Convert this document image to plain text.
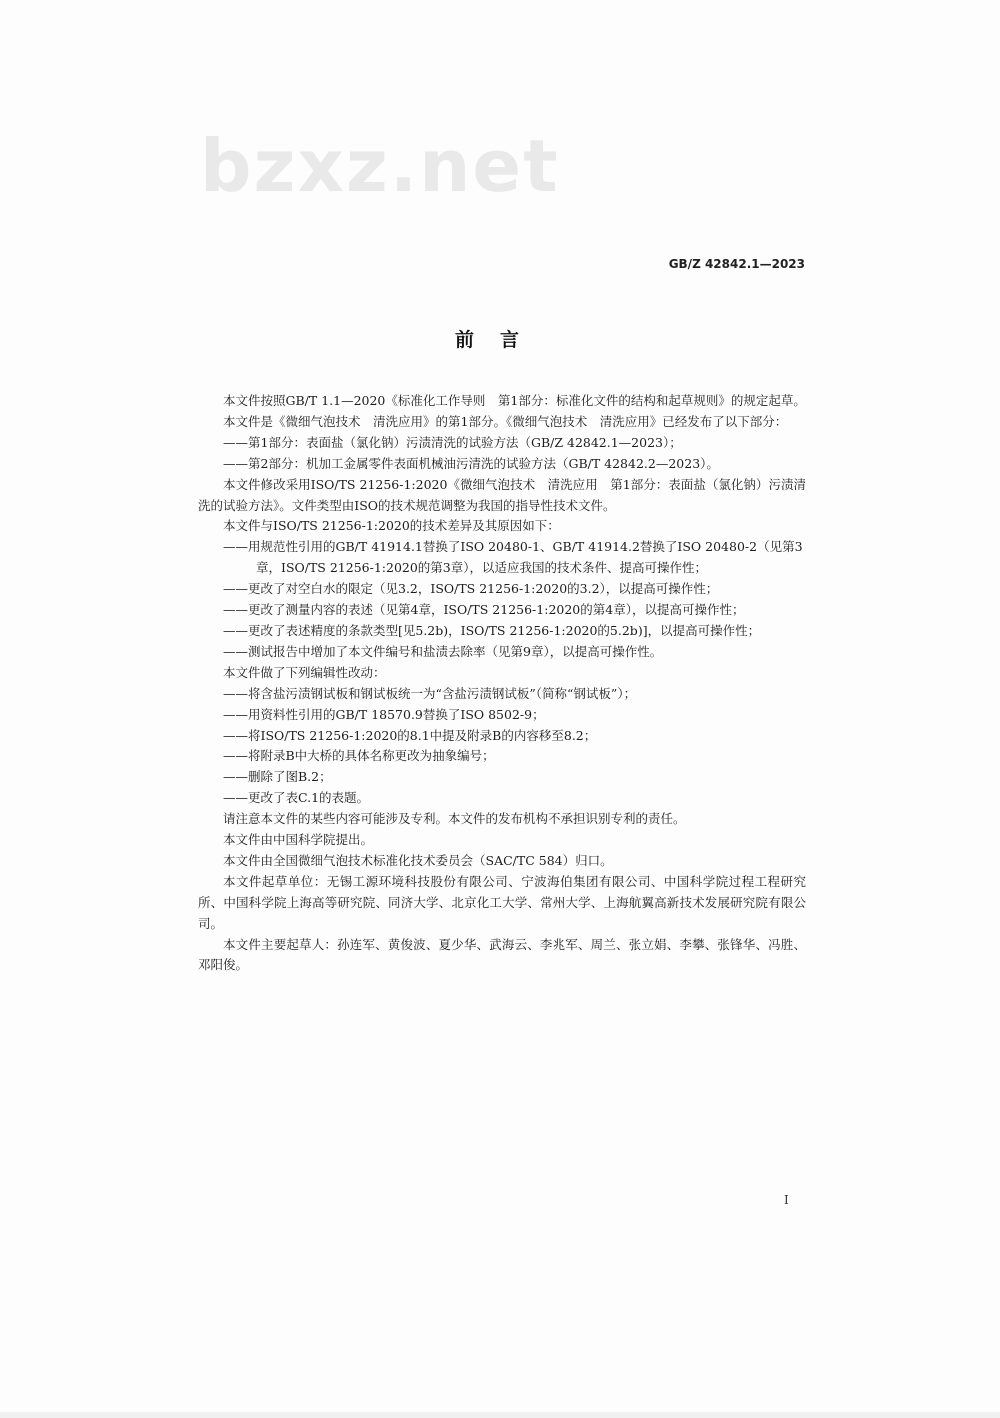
bzxz.net
GB/Z 42842.1—2023
前言

本文件按照GB/T 1.1—2020《标准化工作导则　第1部分：标准化文件的结构和起草规则》的规定起草。

本文件是《微细气泡技术　清洗应用》的第1部分。《微细气泡技术　清洗应用》已经发布了以下部分：

——第1部分：表面盐（氯化钠）污渍清洗的试验方法（GB/Z 42842.1—2023）；

——第2部分：机加工金属零件表面机械油污清洗的试验方法（GB/T 42842.2—2023）。

本文件修改采用ISO/TS 21256-1:2020《微细气泡技术　清洗应用　第1部分：表面盐（氯化钠）污渍清洗的试验方法》。文件类型由ISO的技术规范调整为我国的指导性技术文件。

本文件与ISO/TS 21256-1:2020的技术差异及其原因如下：

——用规范性引用的GB/T 41914.1替换了ISO 20480-1、GB/T 41914.2替换了ISO 20480-2（见第3章，ISO/TS 21256-1:2020的第3章），以适应我国的技术条件、提高可操作性；

——更改了对空白水的限定（见3.2，ISO/TS 21256-1:2020的3.2），以提高可操作性；

——更改了测量内容的表述（见第4章，ISO/TS 21256-1:2020的第4章），以提高可操作性；

——更改了表述精度的条款类型[见5.2b)，ISO/TS 21256-1:2020的5.2b)]，以提高可操作性；

——测试报告中增加了本文件编号和盐渍去除率（见第9章），以提高可操作性。

本文件做了下列编辑性改动：

——将含盐污渍钢试板和钢试板统一为“含盐污渍钢试板”（简称“钢试板”）；

——用资料性引用的GB/T 18570.9替换了ISO 8502-9；

——将ISO/TS 21256-1:2020的8.1中提及附录B的内容移至8.2；

——将附录B中大桥的具体名称更改为抽象编号；

——删除了图B.2；

——更改了表C.1的表题。

请注意本文件的某些内容可能涉及专利。本文件的发布机构不承担识别专利的责任。

本文件由中国科学院提出。

本文件由全国微细气泡技术标准化技术委员会（SAC/TC 584）归口。

本文件起草单位：无锡工源环境科技股份有限公司、宁波海伯集团有限公司、中国科学院过程工程研究所、中国科学院上海高等研究院、同济大学、北京化工大学、常州大学、上海航翼高新技术发展研究院有限公司。

本文件主要起草人：孙连军、黄俊波、夏少华、武海云、李兆军、周兰、张立娟、李攀、张锋华、冯胜、邓阳俊。

I
